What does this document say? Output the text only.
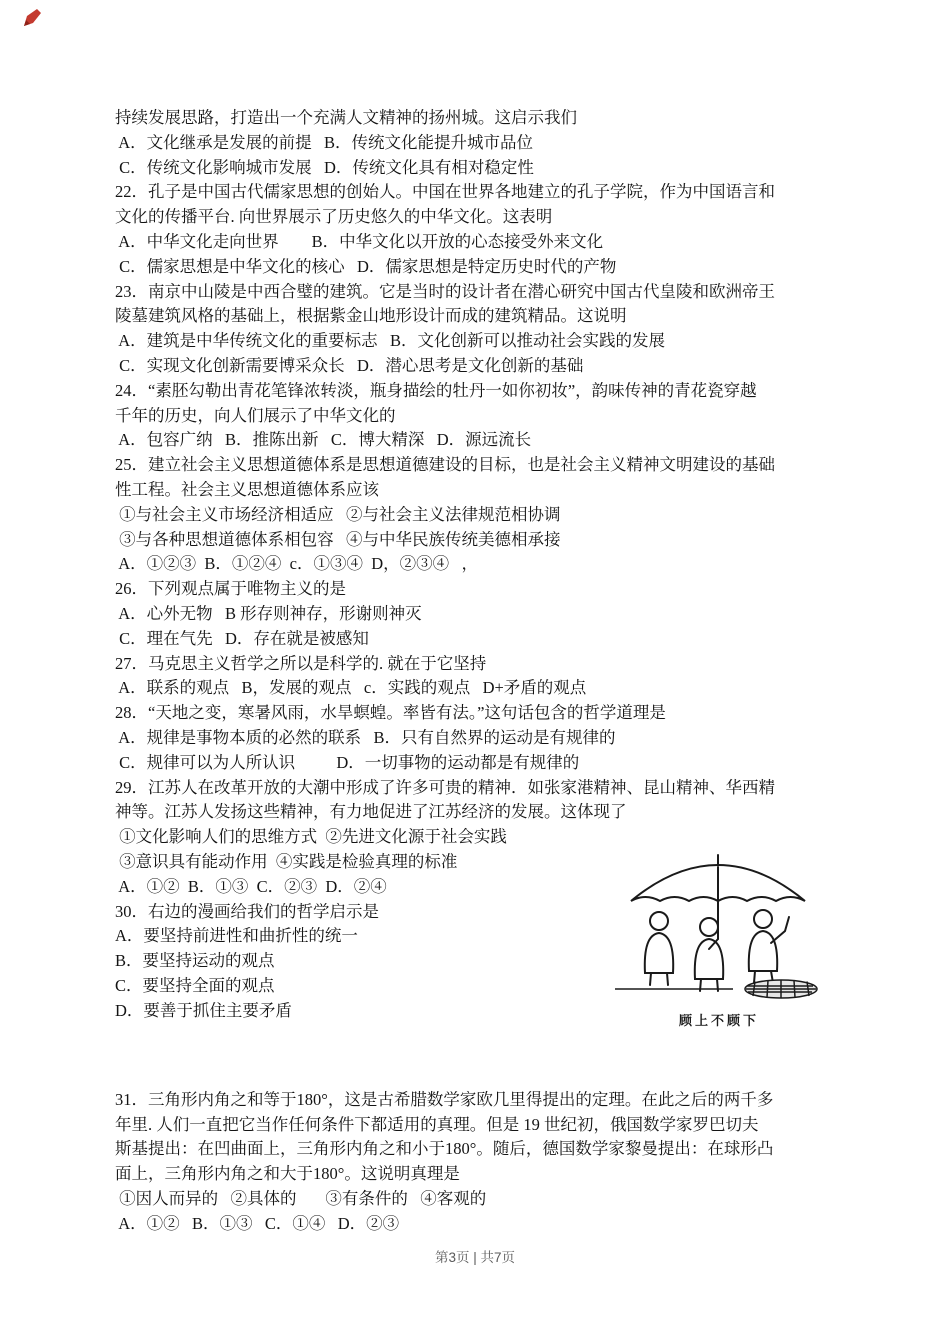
持续发展思路，打造出一个充满人文精神的扬州城。这启示我们
A．文化继承是发展的前提   B．传统文化能提升城市品位
C．传统文化影响城市发展   D．传统文化具有相对稳定性
22．孔子是中国古代儒家思想的创始人。中国在世界各地建立的孔子学院，作为中国语言和
文化的传播平台. 向世界展示了历史悠久的中华文化。这表明
A．中华文化走向世界        B．中华文化以开放的心态接受外来文化
C．儒家思想是中华文化的核心   D．儒家思想是特定历史时代的产物
23．南京中山陵是中西合璧的建筑。它是当时的设计者在潜心研究中国古代皇陵和欧洲帝王
陵墓建筑风格的基础上，根据紫金山地形设计而成的建筑精品。这说明
A．建筑是中华传统文化的重要标志   B．文化创新可以推动社会实践的发展
C．实现文化创新需要博采众长   D．潜心思考是文化创新的基础
24．“素胚勾勒出青花笔锋浓转淡，瓶身描绘的牡丹一如你初妆”，韵味传神的青花瓷穿越
千年的历史，向人们展示了中华文化的
A．包容广纳   B．推陈出新   C．博大精深   D．源远流长
25．建立社会主义思想道德体系是思想道德建设的目标，也是社会主义精神文明建设的基础
性工程。社会主义思想道德体系应该
①与社会主义市场经济相适应   ②与社会主义法律规范相协调
③与各种思想道德体系相包容   ④与中华民族传统美德相承接
A．①②③  B．①②④  c．①③④  D，②③④   ，
26．下列观点属于唯物主义的是
A．心外无物   B 形存则神存，形谢则神灭
C．理在气先   D．存在就是被感知
27．马克思主义哲学之所以是科学的. 就在于它坚持
A．联系的观点   B，发展的观点   c．实践的观点   D+矛盾的观点
28．“天地之变，寒暑风雨，水旱螟蝗。率皆有法。”这句话包含的哲学道理是
A．规律是事物本质的必然的联系   B．只有自然界的运动是有规律的
C．规律可以为人所认识          D．一切事物的运动都是有规律的
29．江苏人在改革开放的大潮中形成了许多可贵的精神．如张家港精神、昆山精神、华西精
神等。江苏人发扬这些精神，有力地促进了江苏经济的发展。这体现了
顾上不顾下
①文化影响人们的思维方式  ②先进文化源于社会实践
③意识具有能动作用  ④实践是检验真理的标准
A．①②  B．①③  C．②③  D．②④
30．右边的漫画给我们的哲学启示是
A．要坚持前进性和曲折性的统一
B．要坚持运动的观点
C．要坚持全面的观点
D．要善于抓住主要矛盾
31．三角形内角之和等于180°，这是古希腊数学家欧几里得提出的定理。在此之后的两千多
年里. 人们一直把它当作任何条件下都适用的真理。但是 19 世纪初，俄国数学家罗巴切夫
斯基提出：在凹曲面上，三角形内角之和小于180°。随后，德国数学家黎曼提出：在球形凸
面上，三角形内角之和大于180°。这说明真理是
①因人而异的   ②具体的       ③有条件的   ④客观的
A．①②   B．①③   C．①④   D．②③
第3页 | 共7页
